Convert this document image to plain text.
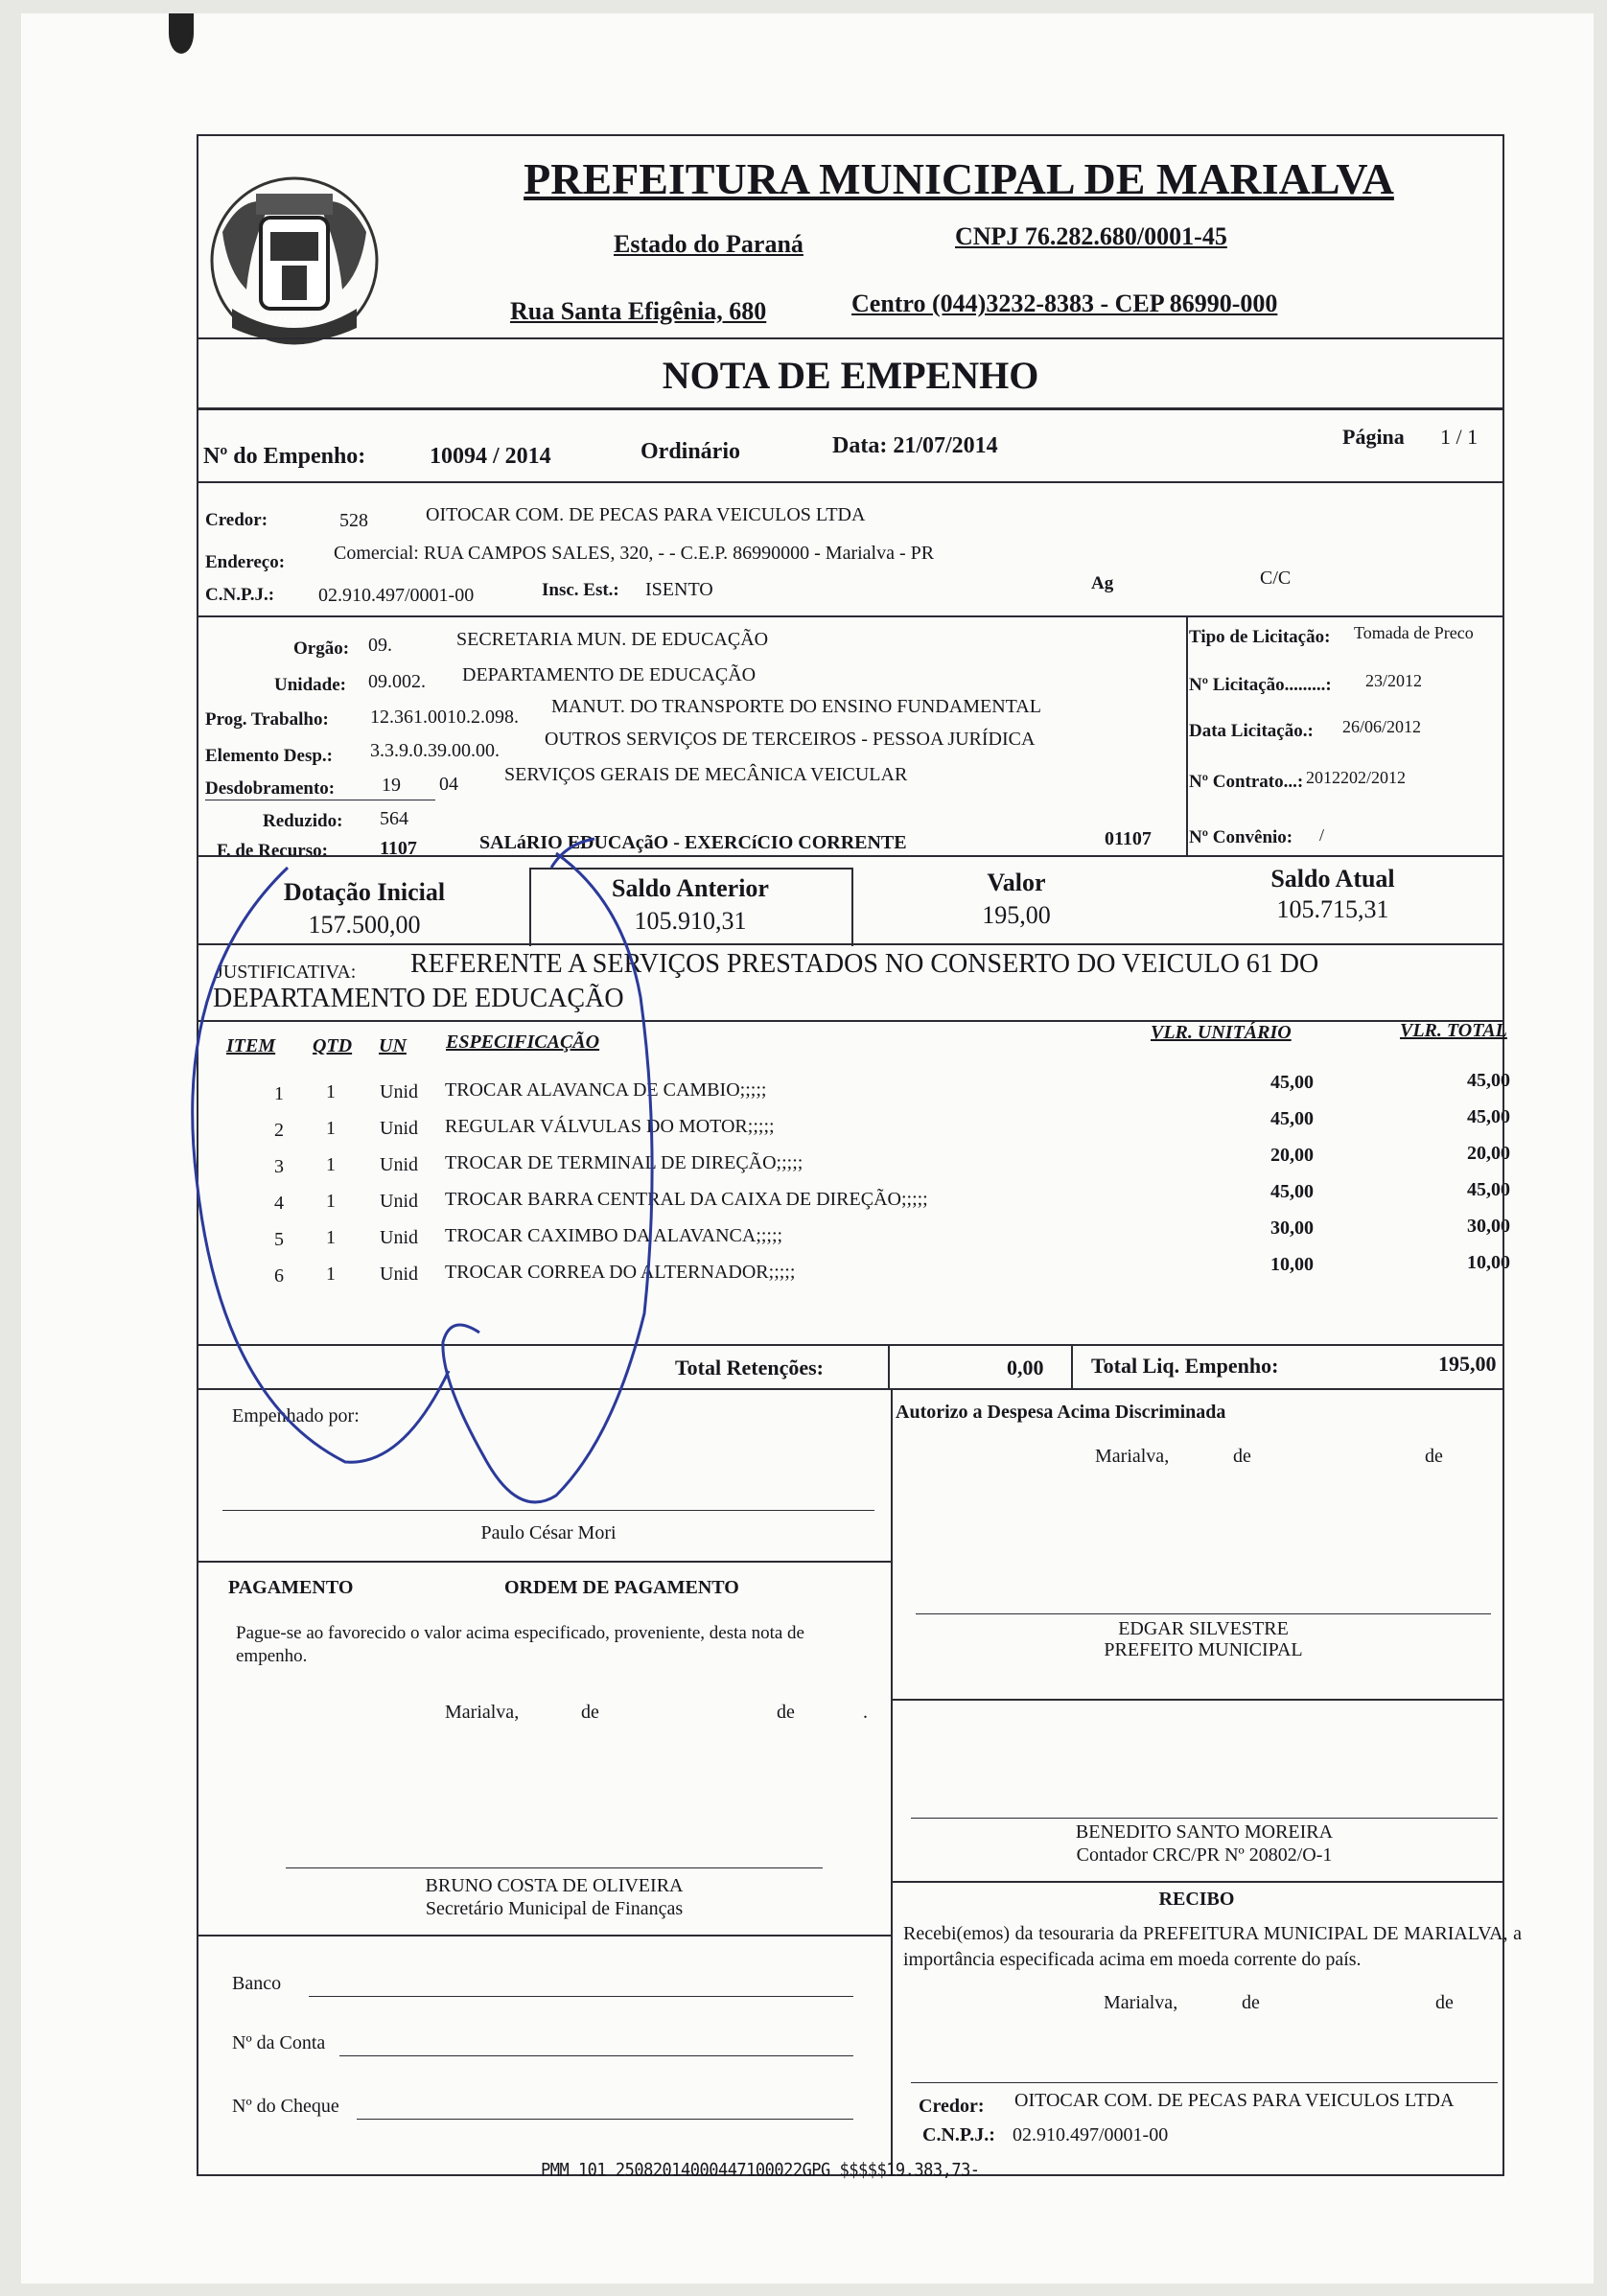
MARIALVA
PREFEITURA MUNICIPAL DE MARIALVA
Estado do Paraná	CNPJ 76.282.680/0001-45
Rua Santa Efigênia, 680	Centro (044)3232-8383 - CEP 86990-000
NOTA DE EMPENHO
Nº do Empenho:	10094 / 2014	Ordinário	Data: 21/07/2014	Página 1 / 1
Credor:	528	OITOCAR COM. DE PECAS PARA VEICULOS LTDA
Endereço:	Comercial: RUA CAMPOS SALES, 320, - - C.E.P. 86990000 - Marialva - PR
C.N.P.J.: 02.910.497/0001-00	Insc. Est.: ISENTO	Ag	C/C
Orgão: 09.	SECRETARIA MUN. DE EDUCAÇÃO
Unidade: 09.002. DEPARTAMENTO DE EDUCAÇÃO
Prog. Trabalho: 12.361.0010.2.098. MANUT. DO TRANSPORTE DO ENSINO FUNDAMENTAL
Elemento Desp.: 3.3.9.0.39.00.00.
OUTROS SERVIÇOS DE TERCEIROS - PESSOA JURÍDICA
Desdobramento: 19 04 SERVIÇOS GERAIS DE MECÂNICA VEICULAR
Reduzido: 564
F. de Recurso:	1107	SALáRIO EDUCAçãO - EXERCíCIO CORRENTE	01107
Tipo de Licitação: Tomada de Preco
Nº Licitação.........: 23/2012
Data Licitação.: 26/06/2012
Nº Contrato...: 2012202/2012
Nº Convênio: /
Dotação Inicial
157.500,00
Saldo Anterior
105.910,31
Valor
195,00
Saldo Atual
105.715,31
JUSTIFICATIVA: REFERENTE A SERVIÇOS PRESTADOS NO CONSERTO DO VEICULO 61 DO
DEPARTAMENTO DE EDUCAÇÃO
ITEM QTD UN ESPECIFICAÇÃO	VLR. UNITÁRIO	VLR. TOTAL
1 1 Unid TROCAR ALAVANCA DE CAMBIO;;;;;	45,00	45,00
2 1 Unid REGULAR VÁLVULAS DO MOTOR;;;;;	45,00	45,00
3 1 Unid TROCAR DE TERMINAL DE DIREÇÃO;;;;;	20,00	20,00
4 1 Unid TROCAR BARRA CENTRAL DA CAIXA DE DIREÇÃO;;;;;	45,00	45,00
5 1 Unid TROCAR CAXIMBO DA ALAVANCA;;;;;	30,00	30,00
6 1 Unid TROCAR CORREA DO ALTERNADOR;;;;;	10,00	10,00
Total Retenções:	0,00 Total Liq. Empenho:	195,00
Empenhado por:
Paulo César Mori
Autorizo a Despesa Acima Discriminada
Marialva,	de	de
EDGAR SILVESTRE
PREFEITO MUNICIPAL
PAGAMENTO	ORDEM DE PAGAMENTO
Pague-se ao favorecido o valor acima especificado, proveniente, desta nota de empenho.
Marialva,	de	de	.
BRUNO COSTA DE OLIVEIRA
Secretário Municipal de Finanças
Banco
Nº da Conta
Nº do Cheque
BENEDITO SANTO MOREIRA
Contador CRC/PR Nº 20802/O-1
RECIBO
Recebi(emos) da tesouraria da PREFEITURA MUNICIPAL DE MARIALVA, a importância especificada acima em moeda corrente do país.
Marialva,	de	de
Credor: OITOCAR COM. DE PECAS PARA VEICULOS LTDA
C.N.P.J.: 02.910.497/0001-00
PMM 101 25082014000447100022GPG $$$$$19.383,73-
